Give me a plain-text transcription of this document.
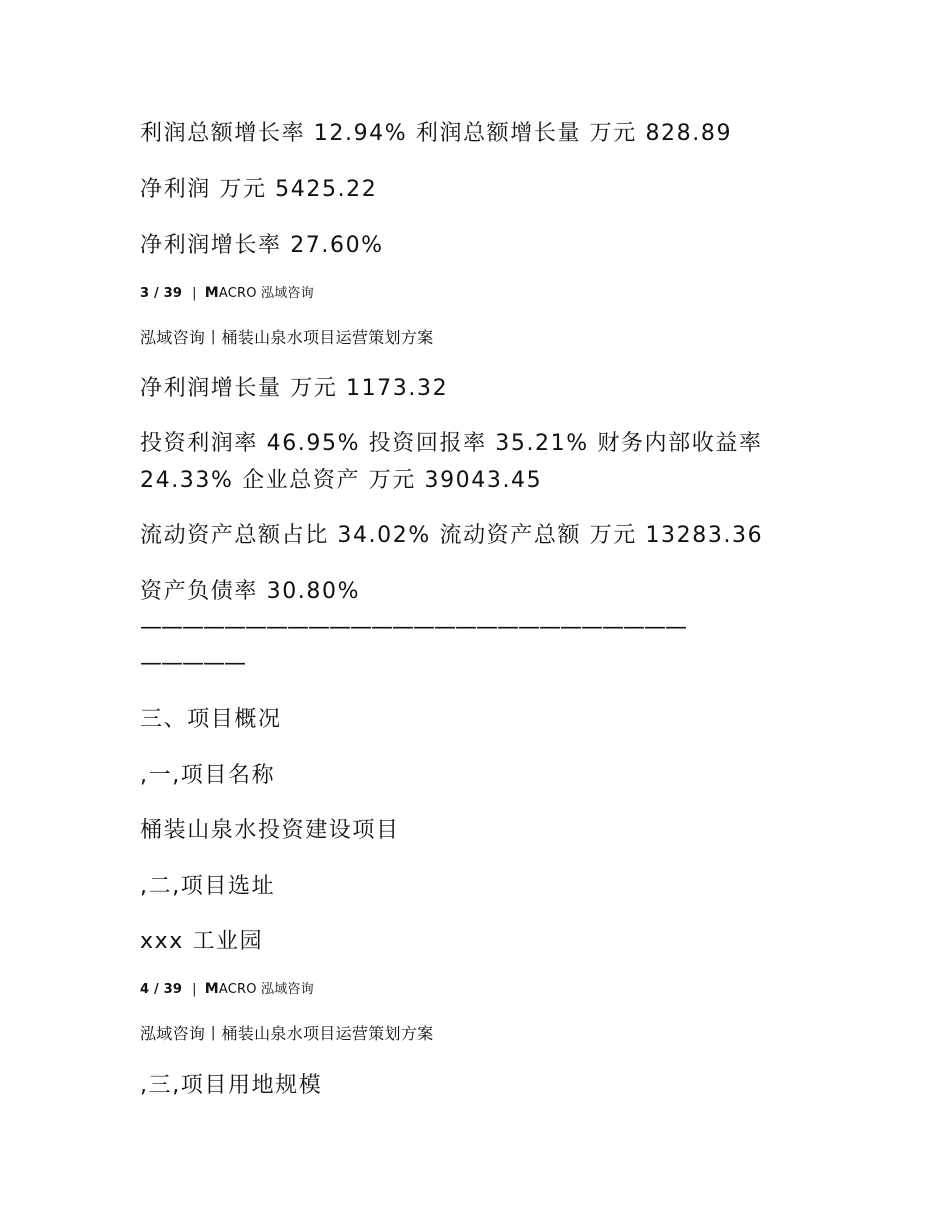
利润总额增长率 12.94% 利润总额增长量 万元 828.89

净利润 万元 5425.22

净利润增长率 27.60%

3 / 39 | MACRO 泓域咨询

泓域咨询丨桶装山泉水项目运营策划方案

净利润增长量 万元 1173.32

投资利润率 46.95% 投资回报率 35.21% 财务内部收益率

24.33% 企业总资产 万元 39043.45

流动资产总额占比 34.02% 流动资产总额 万元 13283.36

资产负债率 30.80%

——————————————————————————

—————

三、项目概况

,一,项目名称

桶装山泉水投资建设项目

,二,项目选址

xxx 工业园

4 / 39 | MACRO 泓域咨询

泓域咨询丨桶装山泉水项目运营策划方案

,三,项目用地规模
